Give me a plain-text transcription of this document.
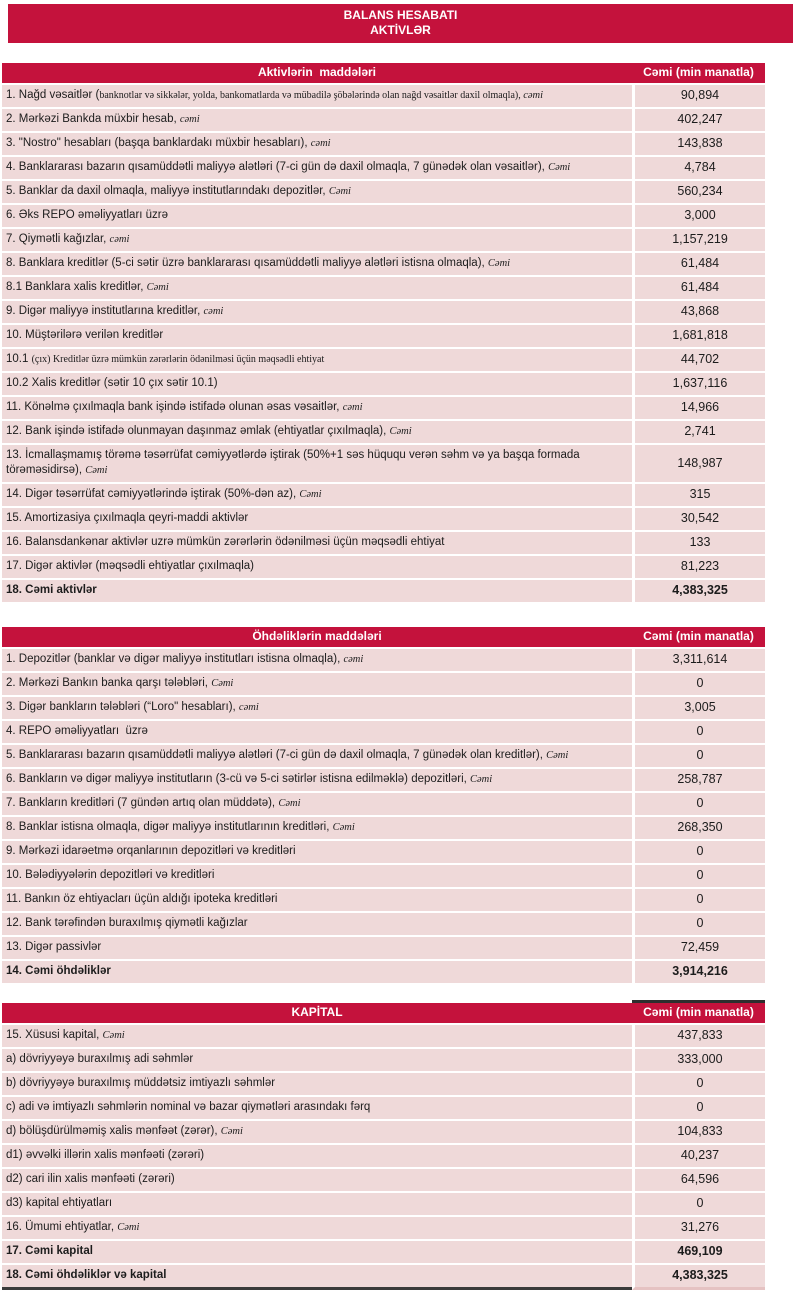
BALANS HESABATI
AKTİVLƏR
Aktivlərin  maddələri	Cəmi (min manatla)
1. Nağd vəsaitlər (banknotlar və sikkələr, yolda, bankomatlarda və mübadilə şöbələrində olan nağd vəsaitlər daxil olmaqla), cəmi	90,894
2. Mərkəzi Bankda müxbir hesab, cəmi	402,247
3. "Nostro" hesabları (başqa banklardakı müxbir hesabları), cəmi	143,838
4. Banklararası bazarın qısamüddətli maliyyə alətləri (7-ci gün də daxil olmaqla, 7 günədək olan vəsaitlər), Cəmi	4,784
5. Banklar da daxil olmaqla, maliyyə institutlarındakı depozitlər, Cəmi	560,234
6. Əks REPO əməliyyatları üzrə	3,000
7. Qiymətli kağızlar, cəmi	1,157,219
8. Banklara kreditlər (5-ci sətir üzrə banklararası qısamüddətli maliyyə alətləri istisna olmaqla), Cəmi	61,484
8.1 Banklara xalis kreditlər, Cəmi	61,484
9. Digər maliyyə institutlarına kreditlər, cəmi	43,868
10. Müştərilərə verilən kreditlər	1,681,818
10.1 (çıx) Kreditlər üzrə mümkün zərərlərin ödənilməsi üçün məqsədli ehtiyat	44,702
10.2 Xalis kreditlər (sətir 10 çıx sətir 10.1)	1,637,116
11. Könəlmə çıxılmaqla bank işində istifadə olunan əsas vəsaitlər, cəmi	14,966
12. Bank işində istifadə olunmayan daşınmaz əmlak (ehtiyatlar çıxılmaqla), Cəmi	2,741
13. İcmallaşmamış törəmə təsərrüfat cəmiyyətlərdə iştirak (50%+1 səs hüququ verən səhm və ya başqa formada törəməsidirsə), Cəmi	148,987
14. Digər təsərrüfat cəmiyyətlərində iştirak (50%-dən az), Cəmi	315
15. Amortizasiya çıxılmaqla qeyri-maddi aktivlər	30,542
16. Balansdankənar aktivlər uzrə mümkün zərərlərin ödənilməsi üçün məqsədli ehtiyat	133
17. Digər aktivlər (məqsədli ehtiyatlar çıxılmaqla)	81,223
18. Cəmi aktivlər	4,383,325
Öhdəliklərin maddələri	Cəmi (min manatla)
1. Depozitlər (banklar və digər maliyyə institutları istisna olmaqla), cəmi	3,311,614
2. Mərkəzi Bankın banka qarşı tələbləri, Cəmi	0
3. Digər bankların tələbləri (“Loro" hesabları), cəmi	3,005
4. REPO əməliyyatları  üzrə	0
5. Banklararası bazarın qısamüddətli maliyyə alətləri (7-ci gün də daxil olmaqla, 7 günədək olan kreditlər), Cəmi	0
6. Bankların və digər maliyyə institutların (3-cü və 5-ci sətirlər istisna edilməklə) depozitləri, Cəmi	258,787
7. Bankların kreditləri (7 gündən artıq olan müddətə), Cəmi	0
8. Banklar istisna olmaqla, digər maliyyə institutlarının kreditləri, Cəmi	268,350
9. Mərkəzi idarəetmə orqanlarının depozitləri və kreditləri	0
10. Bələdiyyələrin depozitləri və kreditləri	0
11. Bankın öz ehtiyacları üçün aldığı ipoteka kreditləri	0
12. Bank tərəfindən buraxılmış qiymətli kağızlar	0
13. Digər passivlər	72,459
14. Cəmi öhdəliklər	3,914,216
KAPİTAL	Cəmi (min manatla)
15. Xüsusi kapital, Cəmi	437,833
a) dövriyyəyə buraxılmış adi səhmlər	333,000
b) dövriyyəyə buraxılmış müddətsiz imtiyazlı səhmlər	0
c) adi və imtiyazlı səhmlərin nominal və bazar qiymətləri arasındakı fərq	0
d) bölüşdürülməmiş xalis mənfəət (zərər), Cəmi	104,833
d1) əvvəlki illərin xalis mənfəəti (zərəri)	40,237
d2) cari ilin xalis mənfəəti (zərəri)	64,596
d3) kapital ehtiyatları	0
16. Ümumi ehtiyatlar, Cəmi	31,276
17. Cəmi kapital	469,109
18. Cəmi öhdəliklər və kapital	4,383,325
